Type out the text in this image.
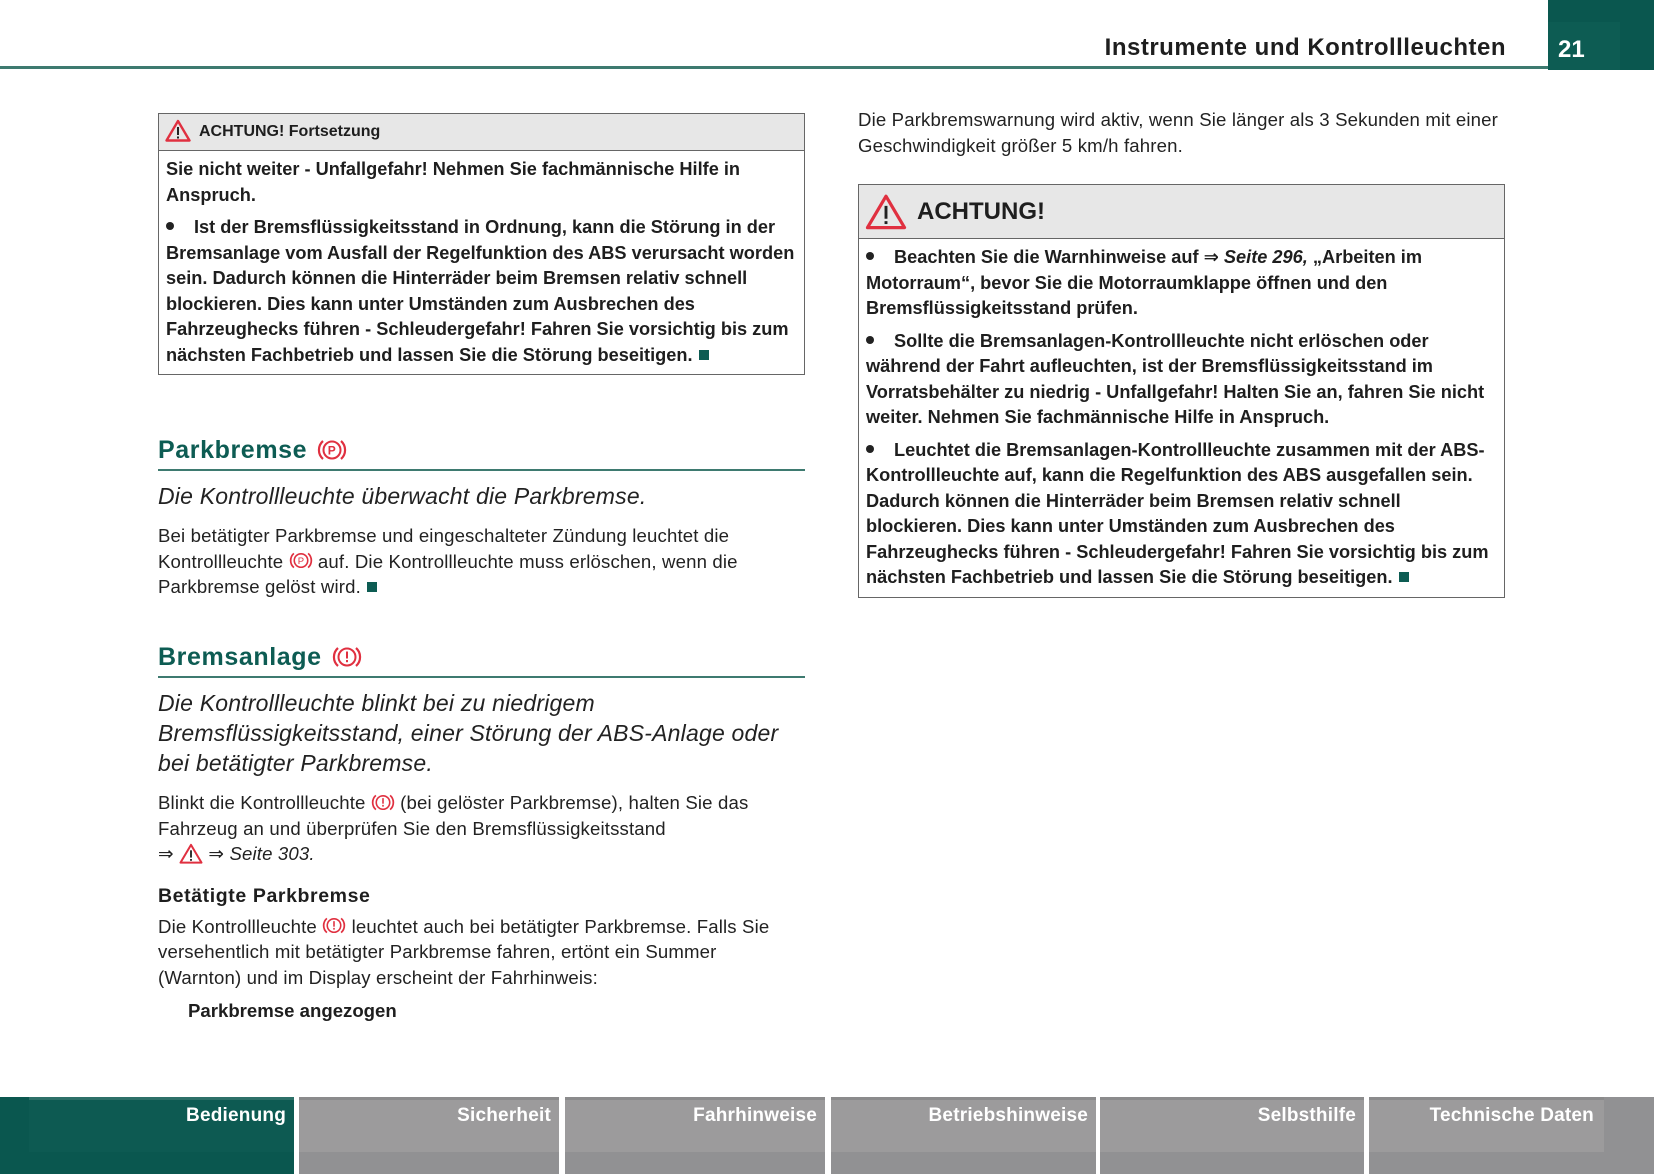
Instrumente und Kontrollleuchten 21
ACHTUNG! Fortsetzung

Sie nicht weiter - Unfallgefahr! Nehmen Sie fachmännische Hilfe in Anspruch.

Ist der Bremsflüssigkeitsstand in Ordnung, kann die Störung in der Bremsanlage vom Ausfall der Regelfunktion des ABS verursacht worden sein. Dadurch können die Hinterräder beim Bremsen relativ schnell blockieren. Dies kann unter Umständen zum Ausbrechen des Fahrzeughecks führen - Schleudergefahr! Fahren Sie vorsichtig bis zum nächsten Fachbetrieb und lassen Sie die Störung beseitigen.

Parkbremse P
Die Kontrollleuchte überwacht die Parkbremse.
Bei betätigter Parkbremse und eingeschalteter Zündung leuchtet die Kontrollleuchte P auf. Die Kontrollleuchte muss erlöschen, wenn die Parkbremse gelöst wird.
Bremsanlage
Die Kontrollleuchte blinkt bei zu niedrigem Bremsflüssigkeitsstand, einer Störung der ABS-Anlage oder bei betätigter Parkbremse.
Blinkt die Kontrollleuchte (bei gelöster Parkbremse), halten Sie das Fahrzeug an und überprüfen Sie den Bremsflüssigkeitsstand
⇒ ⇒ Seite 303.
Betätigte Parkbremse
Die Kontrollleuchte leuchtet auch bei betätigter Parkbremse. Falls Sie versehentlich mit betätigter Parkbremse fahren, ertönt ein Summer (Warnton) und im Display erscheint der Fahrhinweis:
Parkbremse angezogen
Die Parkbremswarnung wird aktiv, wenn Sie länger als 3 Sekunden mit einer Geschwindigkeit größer 5 km/h fahren.
ACHTUNG!

Beachten Sie die Warnhinweise auf ⇒ Seite 296, „Arbeiten im Motorraum“, bevor Sie die Motorraumklappe öffnen und den Bremsflüssigkeitsstand prüfen.

Sollte die Bremsanlagen-Kontrollleuchte nicht erlöschen oder während der Fahrt aufleuchten, ist der Bremsflüssigkeitsstand im Vorratsbehälter zu niedrig - Unfallgefahr! Halten Sie an, fahren Sie nicht weiter. Nehmen Sie fachmännische Hilfe in Anspruch.

Leuchtet die Bremsanlagen-Kontrollleuchte zusammen mit der ABS-Kontrollleuchte auf, kann die Regelfunktion des ABS ausgefallen sein. Dadurch können die Hinterräder beim Bremsen relativ schnell blockieren. Dies kann unter Umständen zum Ausbrechen des Fahrzeughecks führen - Schleudergefahr! Fahren Sie vorsichtig bis zum nächsten Fachbetrieb und lassen Sie die Störung beseitigen.

Bedienung	Sicherheit	Fahrhinweise	Betriebshinweise	Selbsthilfe	Technische Daten
